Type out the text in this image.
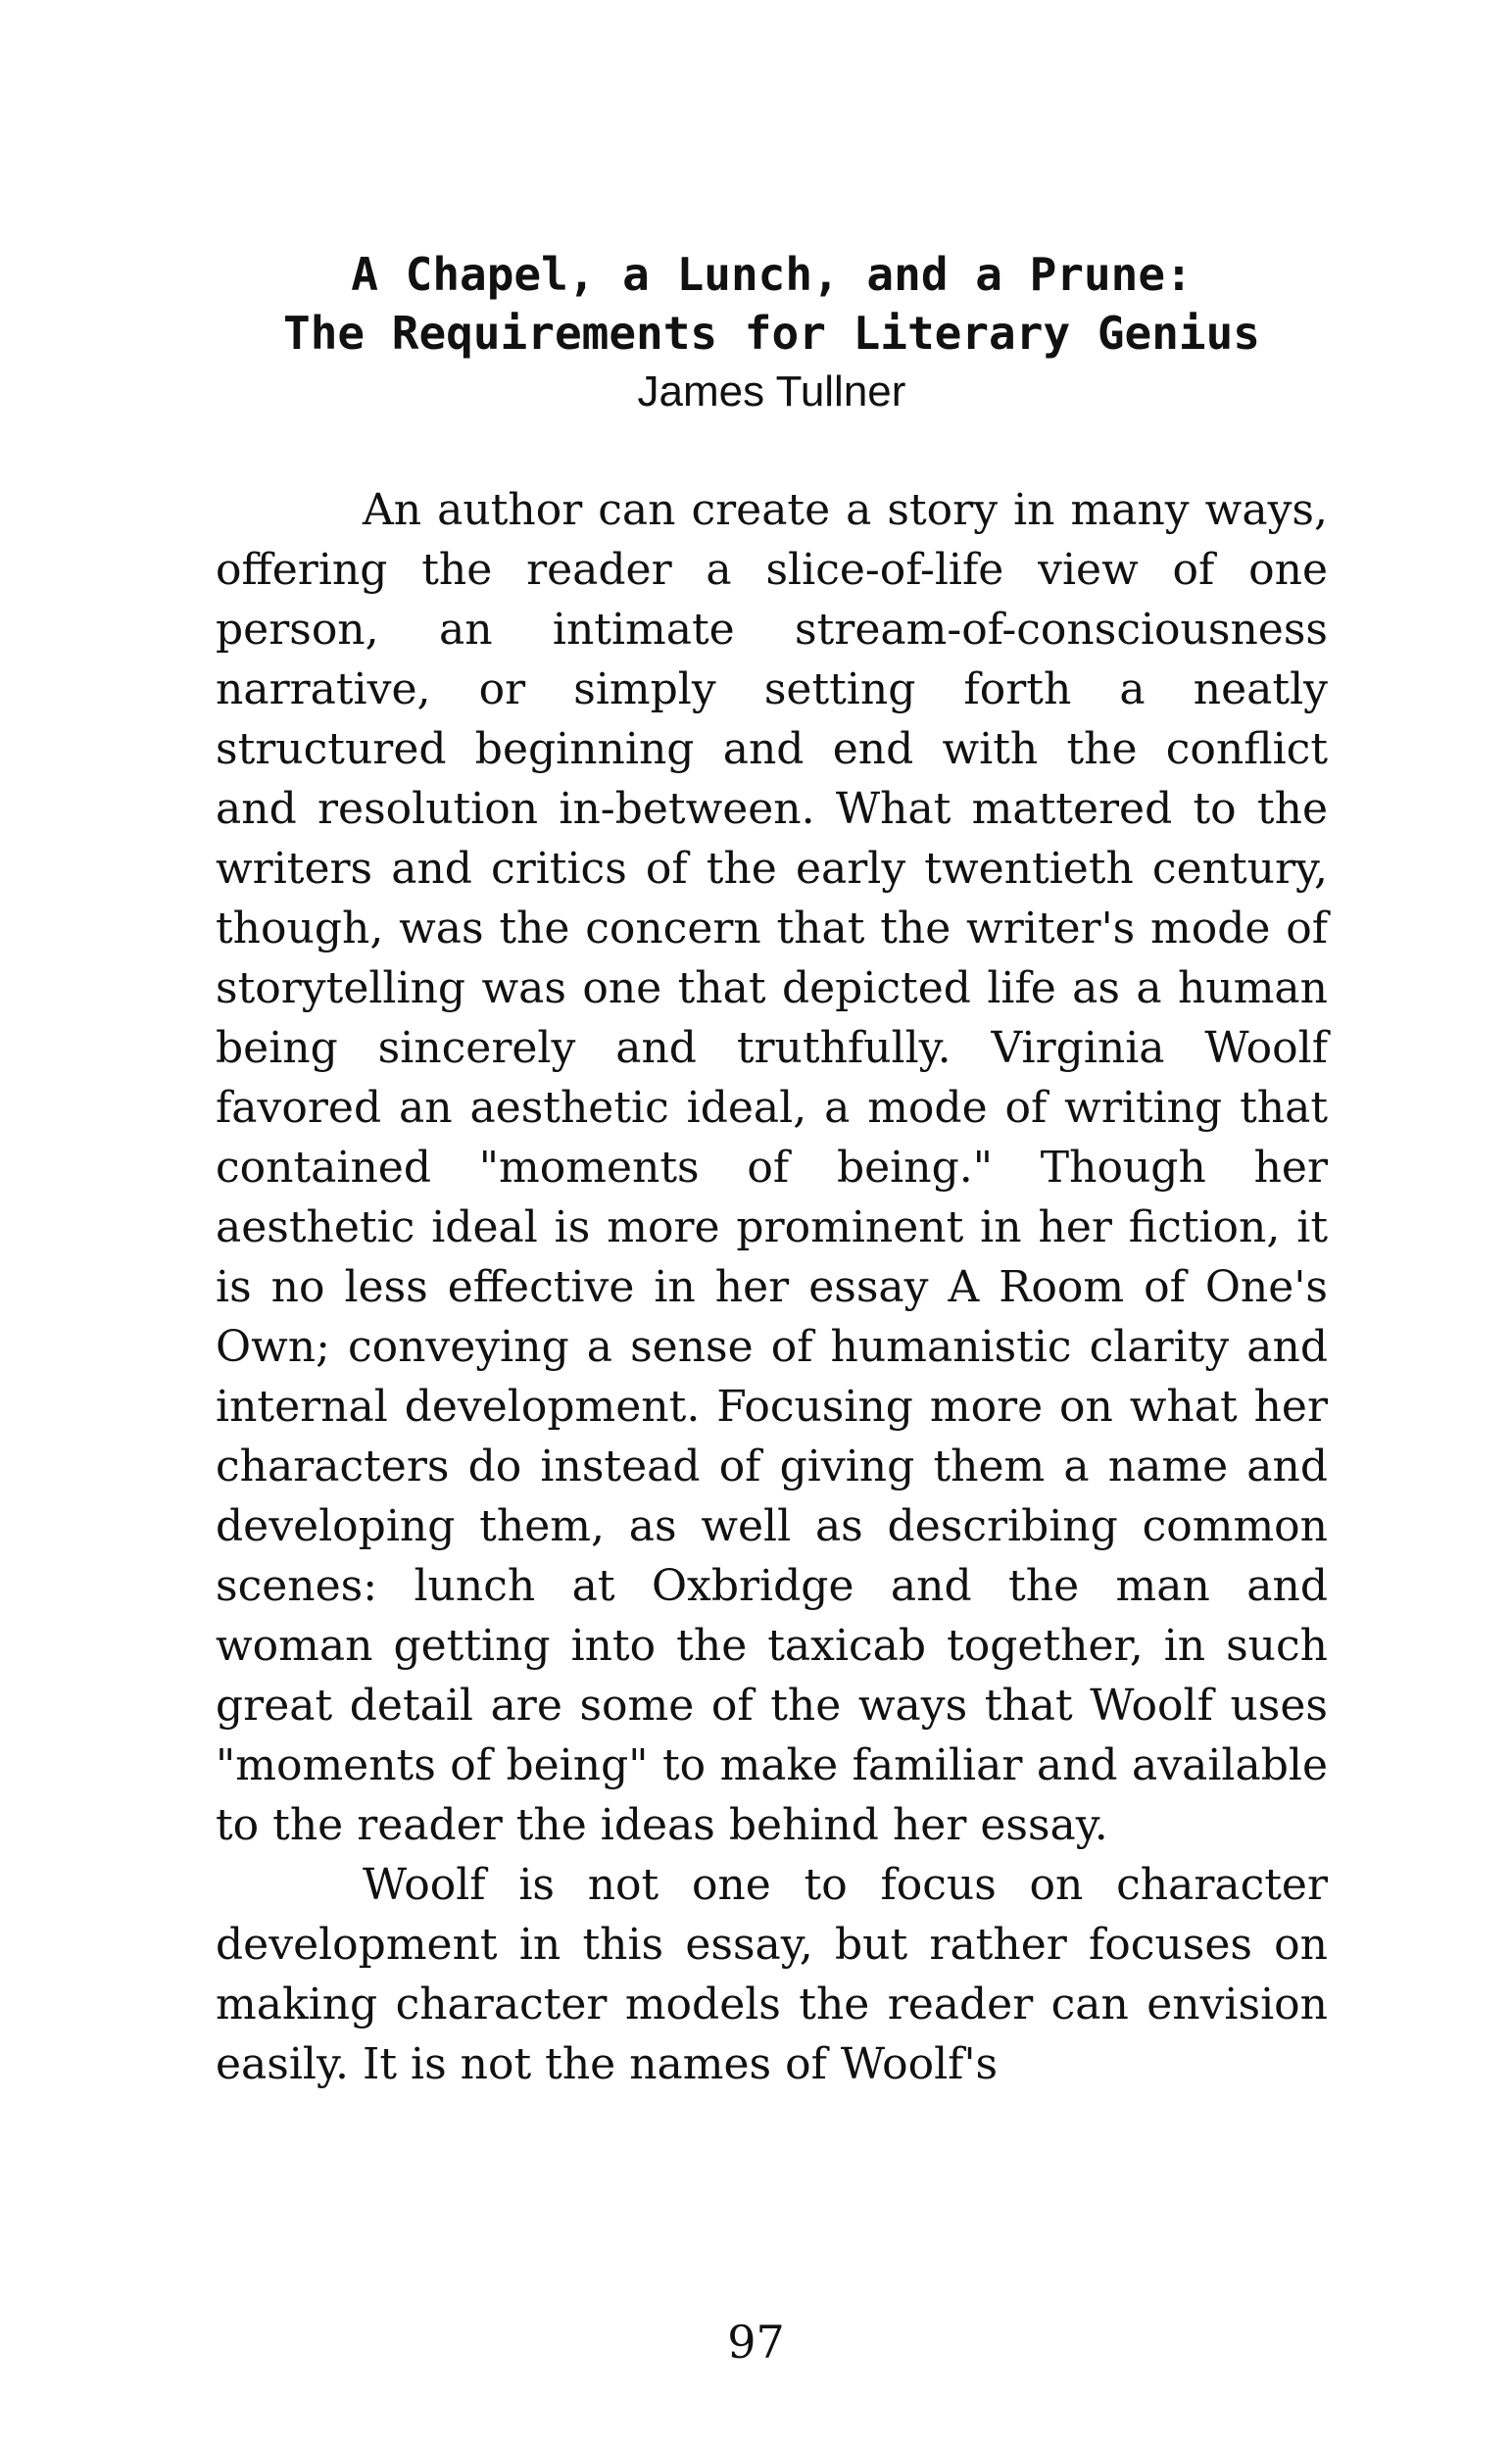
A Chapel, a Lunch, and a Prune:

The Requirements for Literary Genius

James Tullner

An author can create a story in many ways, offering the reader a slice-of-life view of one person, an intimate stream-of-consciousness narrative, or simply setting forth a neatly structured beginning and end with the conflict and resolution in-between. What mattered to the writers and critics of the early twentieth century, though, was the concern that the writer's mode of storytelling was one that depicted life as a human being sincerely and truthfully. Virginia Woolf favored an aesthetic ideal, a mode of writing that contained "moments of being." Though her aesthetic ideal is more prominent in her fiction, it is no less effective in her essay A Room of One's Own; conveying a sense of humanistic clarity and internal development. Focusing more on what her characters do instead of giving them a name and developing them, as well as describing common scenes: lunch at Oxbridge and the man and woman getting into the taxicab together, in such great detail are some of the ways that Woolf uses "moments of being" to make familiar and available to the reader the ideas behind her essay.

Woolf is not one to focus on character development in this essay, but rather focuses on making character models the reader can envision easily. It is not the names of Woolf's

97
